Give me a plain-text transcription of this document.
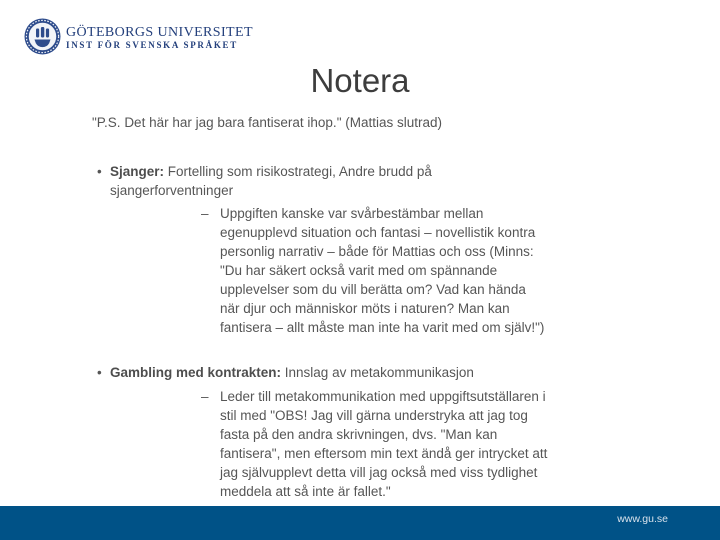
GÖTEBORGS UNIVERSITET
INST FÖR SVENSKA SPRÅKET
Notera
"P.S. Det här har jag bara fantiserat ihop." (Mattias slutrad)
• Sjanger: Fortelling som risikostrategi, Andre brudd på
sjangerforventninger
– Uppgiften kanske var svårbestämbar mellan
egenupplevd situation och fantasi – novellistik kontra
personlig narrativ – både för Mattias och oss (Minns:
"Du har säkert också varit med om spännande
upplevelser som du vill berätta om? Vad kan hända
när djur och människor möts i naturen? Man kan
fantisera – allt måste man inte ha varit med om själv!")
• Gambling med kontrakten: Innslag av metakommunikasjon
– Leder till metakommunikation med uppgiftsutställaren i
stil med "OBS! Jag vill gärna understryka att jag tog
fasta på den andra skrivningen, dvs. "Man kan
fantisera", men eftersom min text ändå ger intrycket att
jag självupplevt detta vill jag också med viss tydlighet
meddela att så inte är fallet."
www.gu.se
